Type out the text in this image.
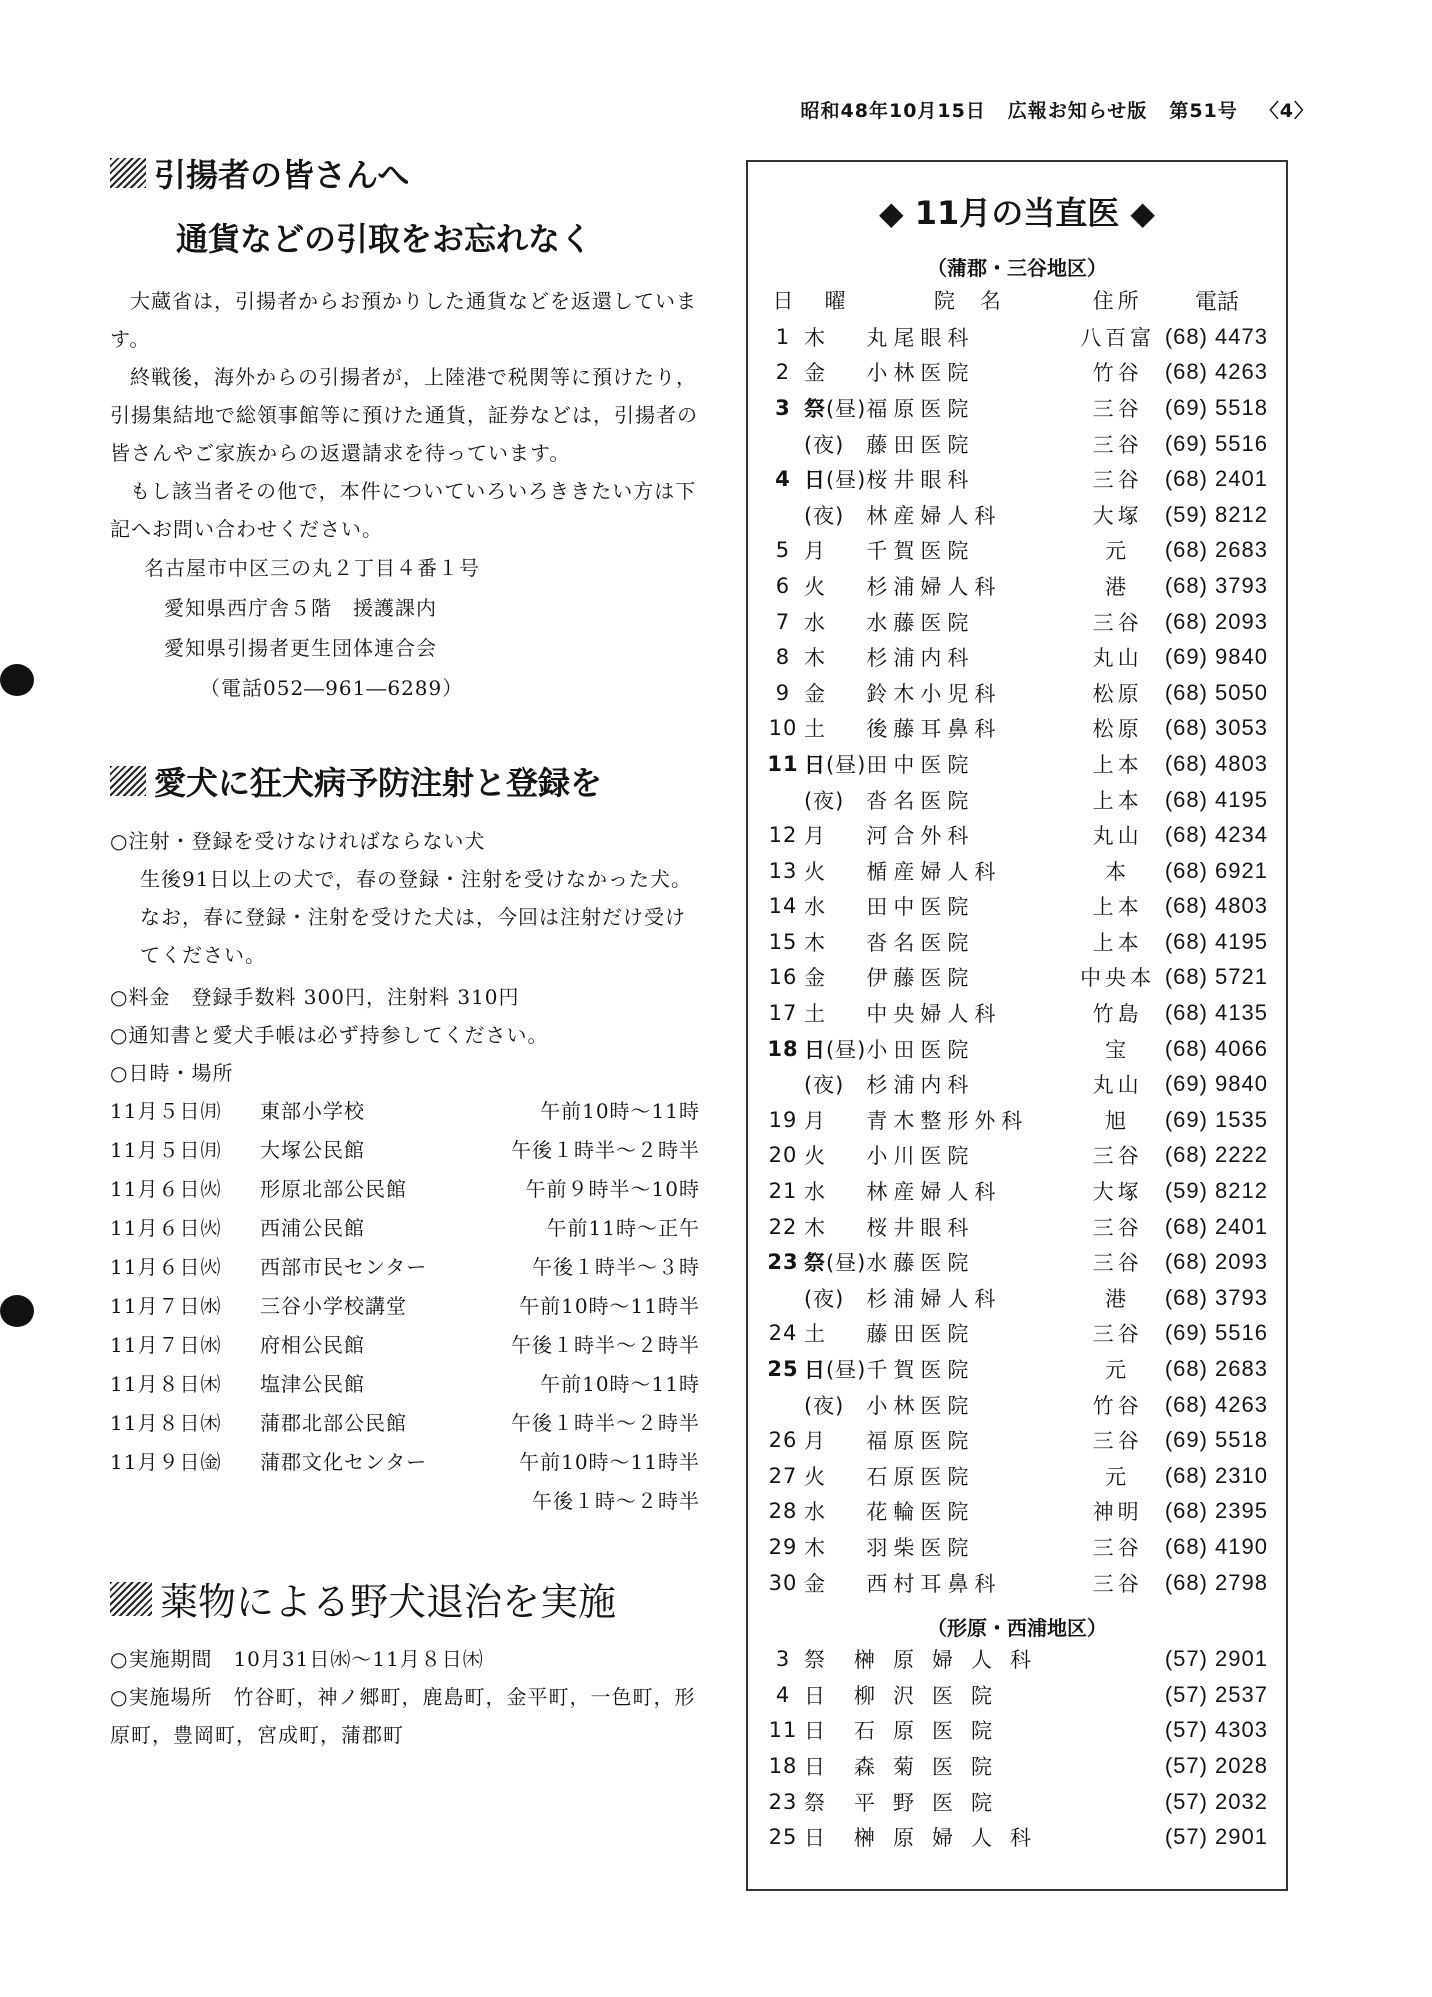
昭和48年10月15日 広報お知らせ版 第51号 〈4〉
引揚者の皆さんへ
通貨などの引取をお忘れなく

大蔵省は，引揚者からお預かりした通貨などを返還しています。

終戦後，海外からの引揚者が，上陸港で税関等に預けたり，引揚集結地で総領事館等に預けた通貨，証券などは，引揚者の皆さんやご家族からの返還請求を待っています。

もし該当者その他で，本件についていろいろききたい方は下記へお問い合わせください。

名古屋市中区三の丸２丁目４番１号
愛知県西庁舎５階　援護課内
愛知県引揚者更生団体連合会
（電話052―961―6289）
愛犬に狂犬病予防注射と登録を
○注射・登録を受けなければならない犬
生後91日以上の犬で，春の登録・注射を受けなかった犬。なお，春に登録・注射を受けた犬は，今回は注射だけ受けてください。
○料金　登録手数料 300円，注射料 310円
○通知書と愛犬手帳は必ず持参してください。
○日時・場所
11月５日㈪	東部小学校	午前10時～11時
11月５日㈪	大塚公民館	午後１時半～２時半
11月６日㈫	形原北部公民館	午前９時半～10時
11月６日㈫	西浦公民館	午前11時～正午
11月６日㈫	西部市民センター	午後１時半～３時
11月７日㈬	三谷小学校講堂	午前10時～11時半
11月７日㈬	府相公民館	午後１時半～２時半
11月８日㈭	塩津公民館	午前10時～11時
11月８日㈭	蒲郡北部公民館	午後１時半～２時半
11月９日㈮	蒲郡文化センター	午前10時～11時半
午後１時～２時半
薬物による野犬退治を実施
○実施期間　10月31日㈬～11月８日㈭
○実施場所　 竹谷町，神ノ郷町，鹿島町，金平町，一色町，形原町，豊岡町，宮成町，蒲郡町
◆ 11月の当直医 ◆
（蒲郡・三谷地区）
日	曜	院　名	住所	電話
1	木	丸尾眼科	八百富	(68) 4473
2	金	小林医院	竹谷	(68) 4263
3	祭(昼)	福原医院	三谷	(69) 5518
	(夜)	藤田医院	三谷	(69) 5516
4	日(昼)	桜井眼科	三谷	(68) 2401
	(夜)	林産婦人科	大塚	(59) 8212
5	月	千賀医院	元	(68) 2683
6	火	杉浦婦人科	港	(68) 3793
7	水	水藤医院	三谷	(68) 2093
8	木	杉浦内科	丸山	(69) 9840
9	金	鈴木小児科	松原	(68) 5050
10	土	後藤耳鼻科	松原	(68) 3053
11	日(昼)	田中医院	上本	(68) 4803
	(夜)	沓名医院	上本	(68) 4195
12	月	河合外科	丸山	(68) 4234
13	火	楯産婦人科	本	(68) 6921
14	水	田中医院	上本	(68) 4803
15	木	沓名医院	上本	(68) 4195
16	金	伊藤医院	中央本	(68) 5721
17	土	中央婦人科	竹島	(68) 4135
18	日(昼)	小田医院	宝	(68) 4066
	(夜)	杉浦内科	丸山	(69) 9840
19	月	青木整形外科	旭	(69) 1535
20	火	小川医院	三谷	(68) 2222
21	水	林産婦人科	大塚	(59) 8212
22	木	桜井眼科	三谷	(68) 2401
23	祭(昼)	水藤医院	三谷	(68) 2093
	(夜)	杉浦婦人科	港	(68) 3793
24	土	藤田医院	三谷	(69) 5516
25	日(昼)	千賀医院	元	(68) 2683
	(夜)	小林医院	竹谷	(68) 4263
26	月	福原医院	三谷	(69) 5518
27	火	石原医院	元	(68) 2310
28	水	花輪医院	神明	(68) 2395
29	木	羽柴医院	三谷	(68) 4190
30	金	西村耳鼻科	三谷	(68) 2798
（形原・西浦地区）
3	祭	榊原婦人科	(57) 2901
4	日	柳沢医院	(57) 2537
11	日	石原医院	(57) 4303
18	日	森菊医院	(57) 2028
23	祭	平野医院	(57) 2032
25	日	榊原婦人科	(57) 2901
